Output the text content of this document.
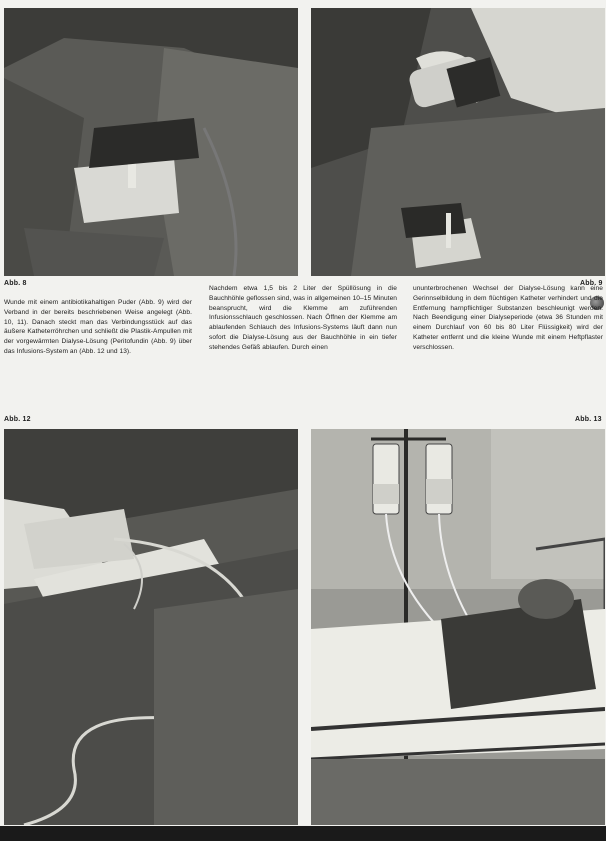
Abb. 8	Abb. 9

Wunde mit einem antibiotikahaltigen Puder (Abb. 9) wird der Verband in der bereits beschriebenen Weise angelegt (Abb. 10, 11). Danach steckt man das Verbindungsstück auf das äußere Katheterröhrchen und schließt die Plastik-Ampullen mit der vorgewärmten Dialyse-Lösung (Peritofundin (Abb. 9) über das Infusions-System an (Abb. 12 und 13).

Nachdem etwa 1,5 bis 2 Liter der Spüllösung in die Bauchhöhle geflossen sind, was in allgemeinen 10–15 Minuten beansprucht, wird die Klemme am zuführenden Infusionsschlauch geschlossen. Nach Öffnen der Klemme am ablaufenden Schlauch des Infusions-Systems läuft dann nun sofort die Dialyse-Lösung aus der Bauchhöhle in ein tiefer stehendes Gefäß ablaufen. Durch einen

ununterbrochenen Wechsel der Dialyse-Lösung kann eine Gerinnselbildung in dem flüchtigen Katheter verhindert und die Entfernung harnpflichtiger Substanzen beschleunigt werden. Nach Beendigung einer Dialyseperiode (etwa 36 Stunden mit einem Durchlauf von 60 bis 80 Liter Flüssigkeit) wird der Katheter entfernt und die kleine Wunde mit einem Heftpflaster verschlossen.

Abb. 12	Abb. 13
